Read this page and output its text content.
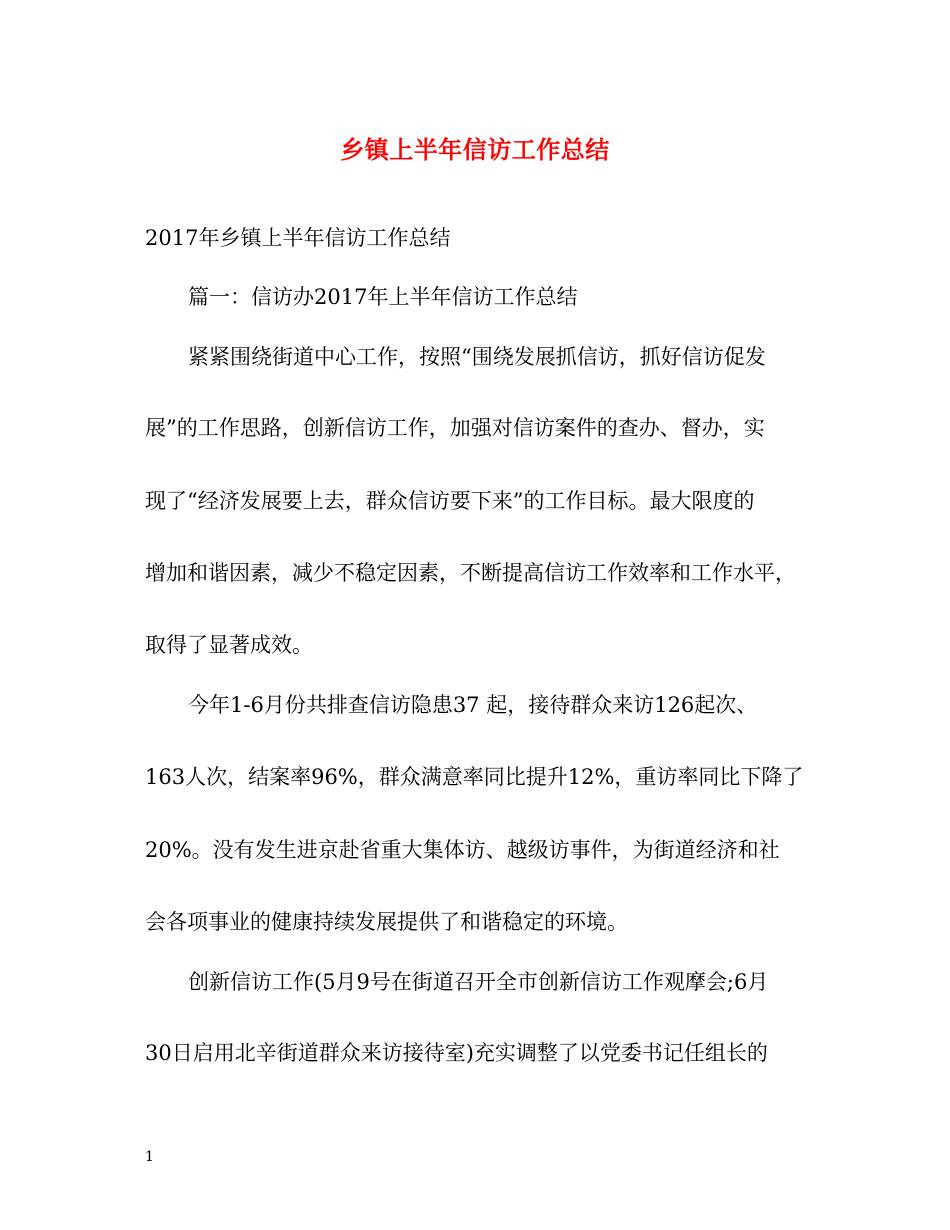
乡镇上半年信访工作总结
2017年乡镇上半年信访工作总结
篇一：信访办2017年上半年信访工作总结
紧紧围绕街道中心工作，按照“围绕发展抓信访，抓好信访促发
展”的工作思路，创新信访工作，加强对信访案件的查办、督办，实
现了“经济发展要上去，群众信访要下来”的工作目标。最大限度的
增加和谐因素，减少不稳定因素，不断提高信访工作效率和工作水平，
取得了显著成效。
今年1-6月份共排查信访隐患37 起，接待群众来访126起次、
163人次，结案率96%，群众满意率同比提升12%，重访率同比下降了
20%。没有发生进京赴省重大集体访、越级访事件，为街道经济和社
会各项事业的健康持续发展提供了和谐稳定的环境。
创新信访工作(5月9号在街道召开全市创新信访工作观摩会;6月
30日启用北辛街道群众来访接待室)充实调整了以党委书记任组长的
1
